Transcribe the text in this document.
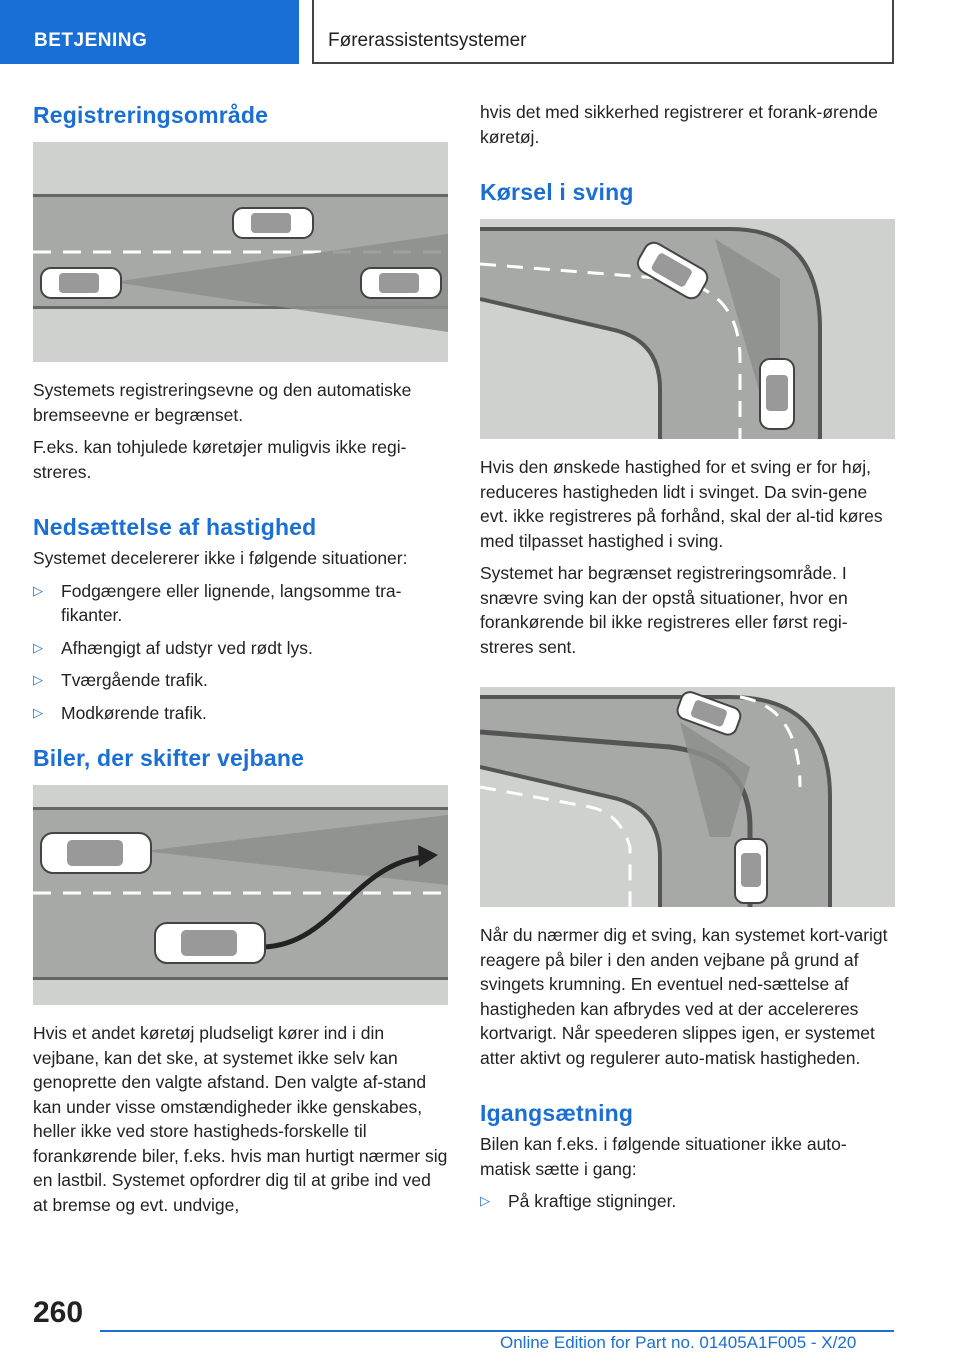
BETJENING	Førerassistentsystemer
Registreringsområde

Systemets registreringsevne og den automatiske bremseevne er begrænset.

F.eks. kan tohjulede køretøjer muligvis ikke regi-streres.

Nedsættelse af hastighed

Systemet decelererer ikke i følgende situationer:

▷ Fodgængere eller lignende, langsomme tra-fikanter.
▷ Afhængigt af udstyr ved rødt lys.
▷ Tværgående trafik.
▷ Modkørende trafik.
Biler, der skifter vejbane

Hvis et andet køretøj pludseligt kører ind i din vejbane, kan det ske, at systemet ikke selv kan genoprette den valgte afstand. Den valgte af-stand kan under visse omstændigheder ikke genskabes, heller ikke ved store hastigheds-forskelle til forankørende biler, f.eks. hvis man hurtigt nærmer sig en lastbil. Systemet opfordrer dig til at gribe ind ved at bremse og evt. undvige,

hvis det med sikkerhed registrerer et forank-ørende køretøj.

Kørsel i sving

Hvis den ønskede hastighed for et sving er for høj, reduceres hastigheden lidt i svinget. Da svin-gene evt. ikke registreres på forhånd, skal der al-tid køres med tilpasset hastighed i sving.

Systemet har begrænset registreringsområde. I snævre sving kan der opstå situationer, hvor en forankørende bil ikke registreres eller først regi-streres sent.

Når du nærmer dig et sving, kan systemet kort-varigt reagere på biler i den anden vejbane på grund af svingets krumning. En eventuel ned-sættelse af hastigheden kan afbrydes ved at der accelereres kortvarigt. Når speederen slippes igen, er systemet atter aktivt og regulerer auto-matisk hastigheden.

Igangsætning

Bilen kan f.eks. i følgende situationer ikke auto-matisk sætte i gang:

▷ På kraftige stigninger.
260
Online Edition for Part no. 01405A1F005 - X/20
